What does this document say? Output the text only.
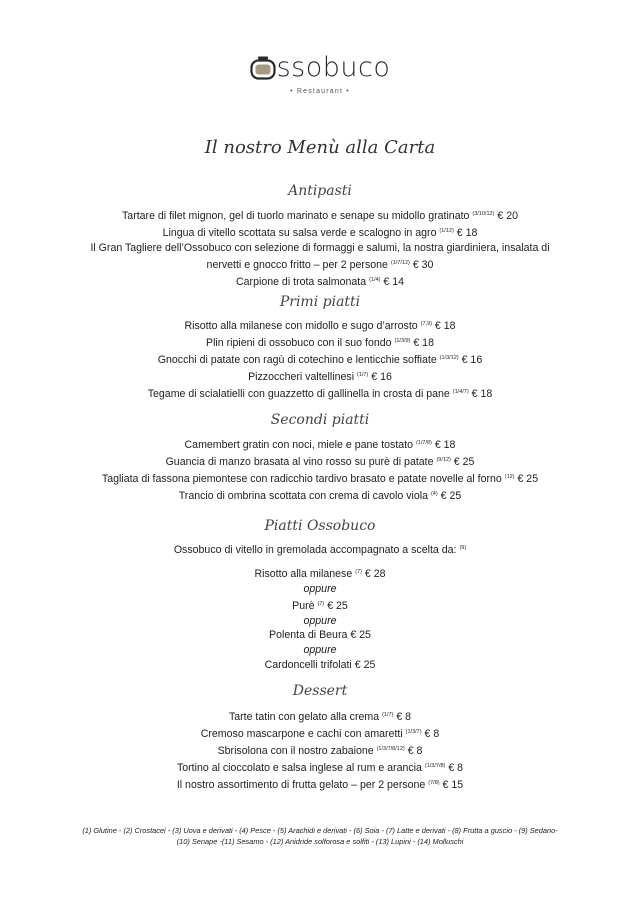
ssobuco
• Restaurant •
Il nostro Menù alla Carta
Antipasti
Tartare di filet mignon, gel di tuorlo marinato e senape su midollo gratinato $^{(3/10/12)}$ € 20
Lingua di vitello scottata su salsa verde e scalogno in agro $^{(1/12)}$ € 18
Il Gran Tagliere dell’Ossobuco con selezione di formaggi e salumi, la nostra giardiniera, insalata di
nervetti e gnocco fritto – per 2 persone $^{(1/7/12)}$ € 30
Carpione di trota salmonata $^{(1/4)}$ € 14
Primi piatti
Risotto alla milanese con midollo e sugo d’arrosto $^{(7,9)}$ € 18
Plin ripieni di ossobuco con il suo fondo $^{(1/3/9)}$ € 18
Gnocchi di patate con ragù di cotechino e lenticchie soffiate $^{(1/3/12)}$ € 16
Pizzoccheri valtellinesi $^{(1/7)}$ € 16
Tegame di scialatielli con guazzetto di gallinella in crosta di pane $^{(1/4/7)}$ € 18
Secondi piatti
Camembert gratin con noci, miele e pane tostato $^{(1/7/8)}$ € 18
Guancia di manzo brasata al vino rosso su purè di patate $^{(9/12)}$ € 25
Tagliata di fassona piemontese con radicchio tardivo brasato e patate novelle al forno $^{(12)}$ € 25
Trancio di ombrina scottata con crema di cavolo viola $^{(4)}$ € 25
Piatti Ossobuco
Ossobuco di vitello in gremolada accompagnato a scelta da: $^{(9)}$
Risotto alla milanese $^{(7)}$ € 28
oppure
Purè $^{(7)}$ € 25
oppure
Polenta di Beura € 25
oppure
Cardoncelli trifolati € 25
Dessert
Tarte tatin con gelato alla crema $^{(1/7)}$ € 8
Cremoso mascarpone e cachi con amaretti $^{(1/3/7)}$ € 8
Sbrisolona con il nostro zabaione $^{(1/3/7/8/12)}$ € 8
Tortino al cioccolato e salsa inglese al rum e arancia $^{(1/3/7/8)}$ € 8
Il nostro assortimento di frutta gelato – per 2 persone $^{(7/8)}$ € 15
(1) Glutine - (2) Crostacei - (3) Uova e derivati - (4) Pesce - (5) Arachidi e derivati - (6) Soia - (7) Latte e derivati - (8) Frutta a guscio - (9) Sedano-
(10) Senape -(11) Sesamo - (12) Anidride solforosa e solfiti - (13) Lupini - (14) Molluschi
